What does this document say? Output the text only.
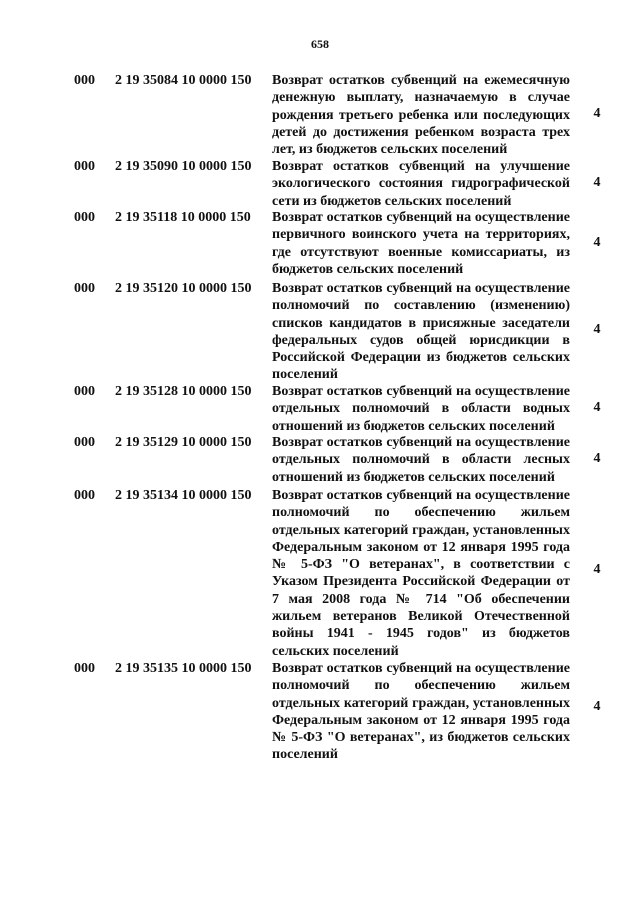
658
000 2 19 35084 10 0000 150 Возврат остатков субвенций на ежемесячную денежную выплату, назначаемую в случае рождения третьего ребенка или последующих детей до достижения ребенком возраста трех лет, из бюджетов сельских поселений
4
000 2 19 35090 10 0000 150 Возврат остатков субвенций на улучшение экологического состояния гидрографической сети из бюджетов сельских поселений
4
000 2 19 35118 10 0000 150 Возврат остатков субвенций на осуществление первичного воинского учета на территориях, где отсутствуют военные комиссариаты, из бюджетов сельских поселений
4
000 2 19 35120 10 0000 150 Возврат остатков субвенций на осуществление полномочий по составлению (изменению) списков кандидатов в присяжные заседатели федеральных судов общей юрисдикции в Российской Федерации из бюджетов сельских поселений
4
000 2 19 35128 10 0000 150 Возврат остатков субвенций на осуществление отдельных полномочий в области водных отношений из бюджетов сельских поселений
4
000 2 19 35129 10 0000 150 Возврат остатков субвенций на осуществление отдельных полномочий в области лесных отношений из бюджетов сельских поселений
4
000 2 19 35134 10 0000 150 Возврат остатков субвенций на осуществление полномочий по обеспечению жильем отдельных категорий граждан, установленных Федеральным законом от 12 января 1995 года № 5-ФЗ "О ветеранах", в соответствии с Указом Президента Российской Федерации от 7 мая 2008 года № 714 "Об обеспечении жильем ветеранов Великой Отечественной войны 1941 - 1945 годов" из бюджетов сельских поселений
4
000 2 19 35135 10 0000 150 Возврат остатков субвенций на осуществление полномочий по обеспечению жильем отдельных категорий граждан, установленных Федеральным законом от 12 января 1995 года № 5-ФЗ "О ветеранах", из бюджетов сельских поселений
4
